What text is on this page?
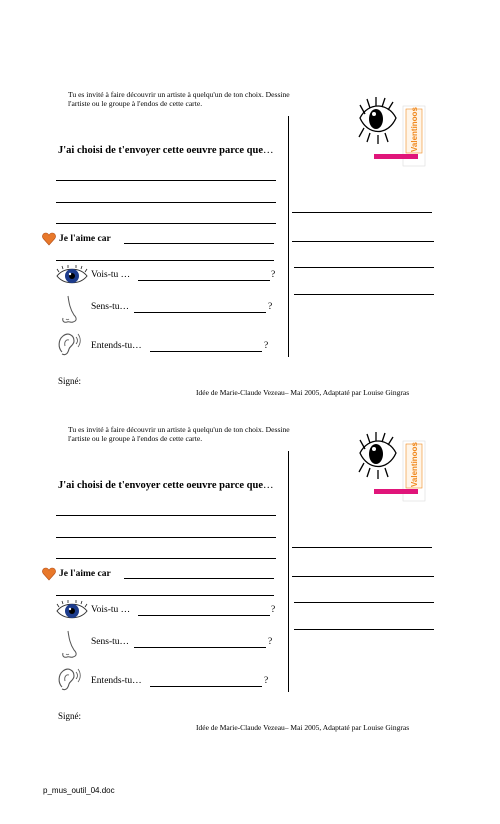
Tu es invité à faire découvrir un artiste à quelqu'un de ton choix. Dessine l'artiste ou le groupe à l'endos de cette carte.
J'ai choisi de t'envoyer cette oeuvre parce que…
Je l'aime car
Vois-tu …	?
Sens-tu…	?
Entends-tu…	?
Valentinoos
Signé:
Idée de Marie-Claude Vezeau– Mai 2005, Adaptaté par Louise Gingras
Tu es invité à faire découvrir un artiste à quelqu'un de ton choix. Dessine l'artiste ou le groupe à l'endos de cette carte.
J'ai choisi de t'envoyer cette oeuvre parce que…
Je l'aime car
Vois-tu …	?
Sens-tu…	?
Entends-tu…	?
Valentinoos
Signé:
Idée de Marie-Claude Vezeau– Mai 2005, Adaptaté par Louise Gingras
p_mus_outil_04.doc
